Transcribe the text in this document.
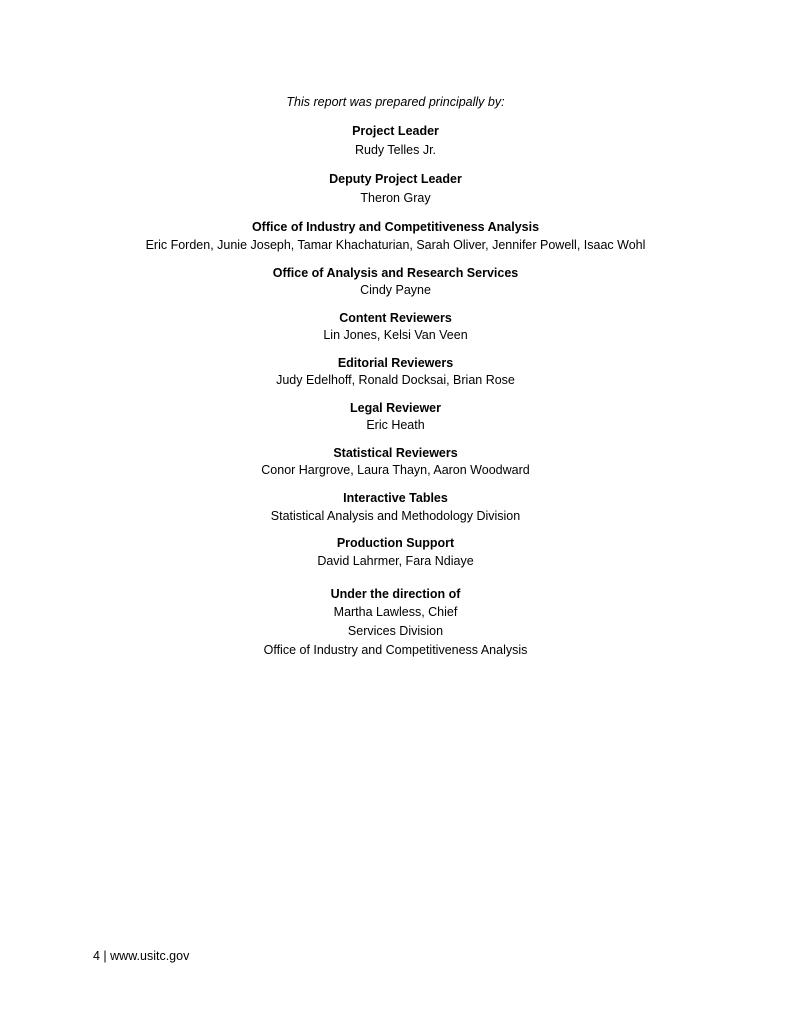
This report was prepared principally by:
Project Leader
Rudy Telles Jr.
Deputy Project Leader
Theron Gray
Office of Industry and Competitiveness Analysis
Eric Forden, Junie Joseph, Tamar Khachaturian, Sarah Oliver, Jennifer Powell, Isaac Wohl
Office of Analysis and Research Services
Cindy Payne
Content Reviewers
Lin Jones, Kelsi Van Veen
Editorial Reviewers
Judy Edelhoff, Ronald Docksai, Brian Rose
Legal Reviewer
Eric Heath
Statistical Reviewers
Conor Hargrove, Laura Thayn, Aaron Woodward
Interactive Tables
Statistical Analysis and Methodology Division
Production Support
David Lahrmer, Fara Ndiaye
Under the direction of
Martha Lawless, Chief
Services Division
Office of Industry and Competitiveness Analysis
4 | www.usitc.gov
